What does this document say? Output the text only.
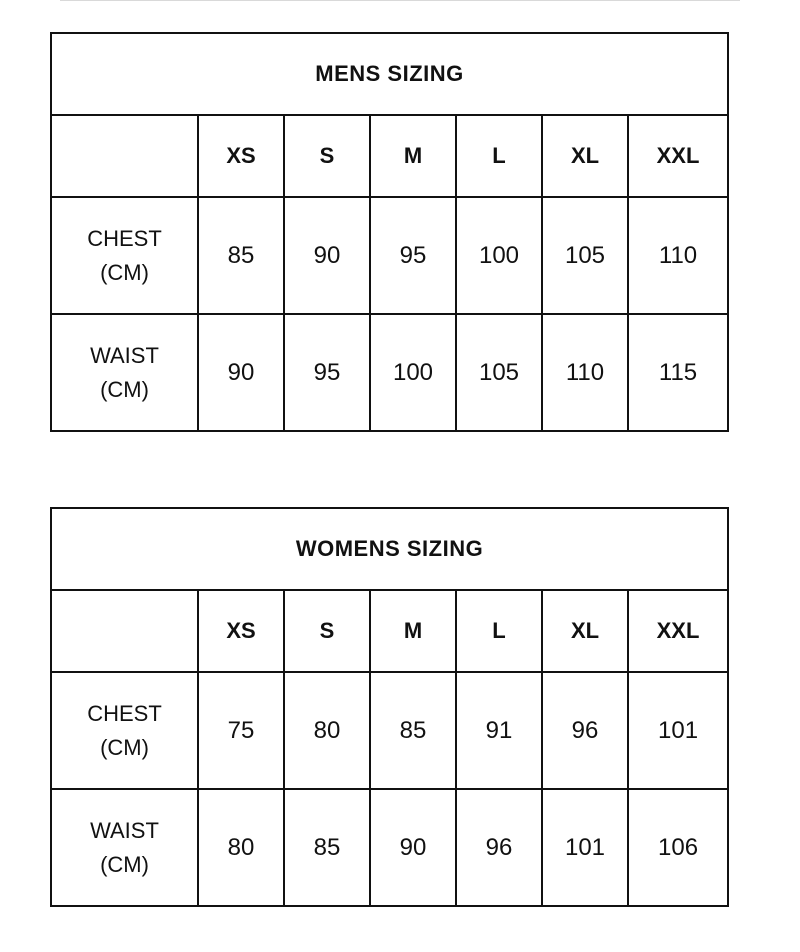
MENS SIZING						
	XS	S	M	L	XL	XXL

CHEST
(CM)	85	90	95	100	105	110

WAIST
(CM)	90	95	100	105	110	115
WOMENS SIZING						
	XS	S	M	L	XL	XXL

CHEST
(CM)	75	80	85	91	96	101

WAIST
(CM)	80	85	90	96	101	106
